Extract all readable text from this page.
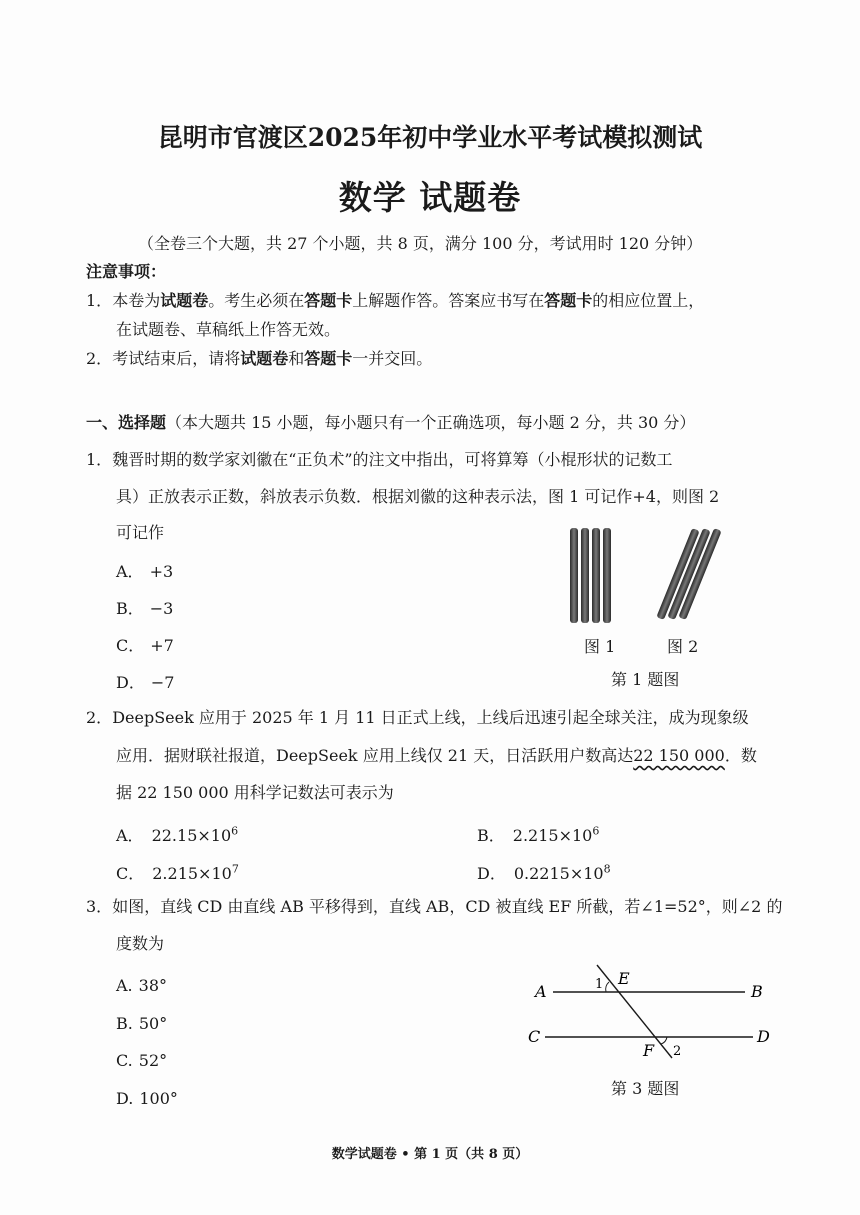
昆明市官渡区2025年初中学业水平考试模拟测试
数学 试题卷
（全卷三个大题，共 27 个小题，共 8 页，满分 100 分，考试用时 120 分钟）
注意事项：
1．本卷为试题卷。考生必须在答题卡上解题作答。答案应书写在答题卡的相应位置上，
在试题卷、草稿纸上作答无效。
2．考试结束后，请将试题卷和答题卡一并交回。
一、选择题（本大题共 15 小题，每小题只有一个正确选项，每小题 2 分，共 30 分）
1．魏晋时期的数学家刘徽在“正负术”的注文中指出，可将算筹（小棍形状的记数工
具）正放表示正数，斜放表示负数．根据刘徽的这种表示法，图 1 可记作+4，则图 2
可记作
A． +3
B． −3
C． +7
D． −7
图 1	图 2
第 1 题图
2．DeepSeek 应用于 2025 年 1 月 11 日正式上线，上线后迅速引起全球关注，成为现象级
应用．据财联社报道，DeepSeek 应用上线仅 21 天，日活跃用户数高达22 150 000．数
据 22 150 000 用科学记数法可表示为
A． $22.15\times 10^6$	B． $2.215\times 10^6$
C． $2.215\times 10^7$	D． $0.2215\times 10^8$
3．如图，直线 CD 由直线 AB 平移得到，直线 AB，CD 被直线 EF 所截，若∠1=52°，则∠2 的
度数为
A. 38°
B. 50°
C. 52°
D. 100°
A	B
C	D
E
F
1
2
第 3 题图
数学试题卷 • 第 1 页（共 8 页）
